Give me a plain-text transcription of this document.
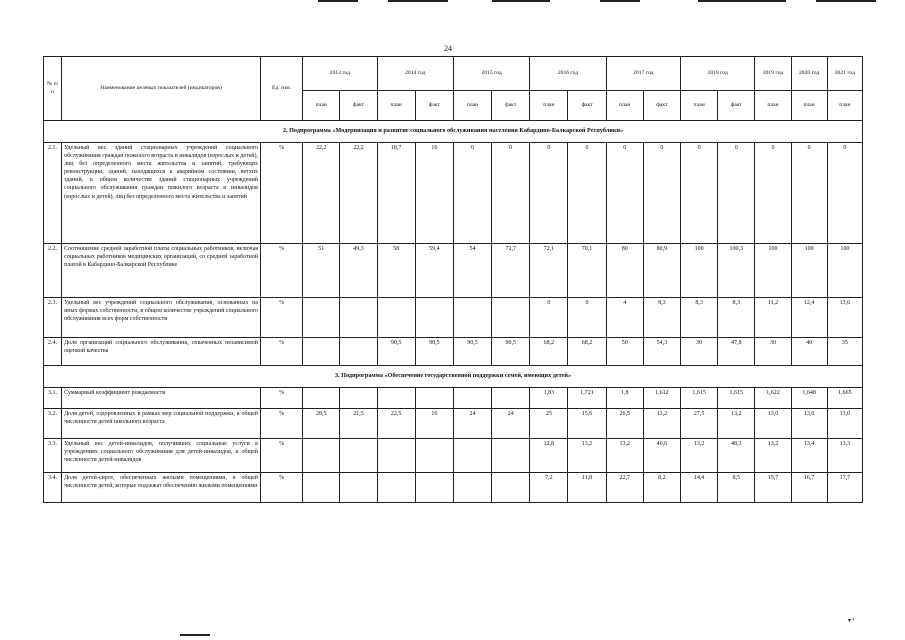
24
№ п/п	Наименование целевых показателей (индикаторов)	Ед. изм.	2013 год		2014 год		2015 год		2016 год		2017 год		2018 год		2019 год	2020 год	2021 год
			план	факт	план	факт	план	факт	план	факт	план	факт	план	факт	план	план	план
2. Подпрограмма «Модернизация и развитие социального обслуживания населения Кабардино-Балкарской Республики»																	
2.1.	Удельный вес зданий стационарных учреждений социального обслуживания граждан пожилого возраста и инвалидов (взрослых и детей), лиц без определенного места жительства и занятий, требующих реконструкции, зданий, находящихся в аварийном состоянии, ветхих зданий, в общем количестве зданий стационарных учреждений социального обслуживания граждан пожилого возраста и инвалидов (взрослых и детей), лиц без определенного места жительства и занятий	%	22,2	22,2	18,7	16	0	0	0	0	0	0	0	0	0	0	0
2.2.	Соотношение средней заработной платы социальных работников, включая социальных работников медицинских организаций, со средней заработной платой в Кабардино-Балкарской Республике	%	51	49,3	58	59,4	54	72,7	72,1	70,1	80	80,9	100	100,3	100	100	100
2.3.	Удельный вес учреждений социального обслуживания, основанных на иных формах собственности, в общем количестве учреждений социального обслуживания всех форм собственности	%							0	0	4	8,3	8,3	8,3	11,2	12,4	13,6
2.4.	Доля организаций социального обслуживания, охваченных независимой оценкой качества	%			90,5	90,5	90,5	90,5	68,2	68,2	50	54,3	30	47,8	30	40	35
3. Подпрограмма «Обеспечение государственной поддержки семей, имеющих детей»																	
3.1.	Суммарный коэффициент рождаемости	%							1,83	1,721	1,8	1,612	1,615	1,615	1,622	1,648	1,665
3.2.	Доля детей, оздоровленных в рамках мер социальной поддержки, в общей численности детей школьного возраста	%	28,5	21,5	22,5	16	24	24	25	15,6	26,5	13,2	27,5	13,2	13,0	13,0	13,0
3.3.	Удельный вес детей-инвалидов, получивших социальные услуги в учреждениях социального обслуживания для детей-инвалидов, в общей численности детей-инвалидов	%							12,8	13,2	13,2	46,6	13,2	48,3	13,2	13,4	13,3
3.4.	Доля детей-сирот, обеспеченных жилыми помещениями, в общей численности детей, которые подлежат обеспечению жилыми помещениями	%							7,2	11,8	22,7	8,2	14,4	8,5	15,7	16,7	17,7
▾ ⁴
